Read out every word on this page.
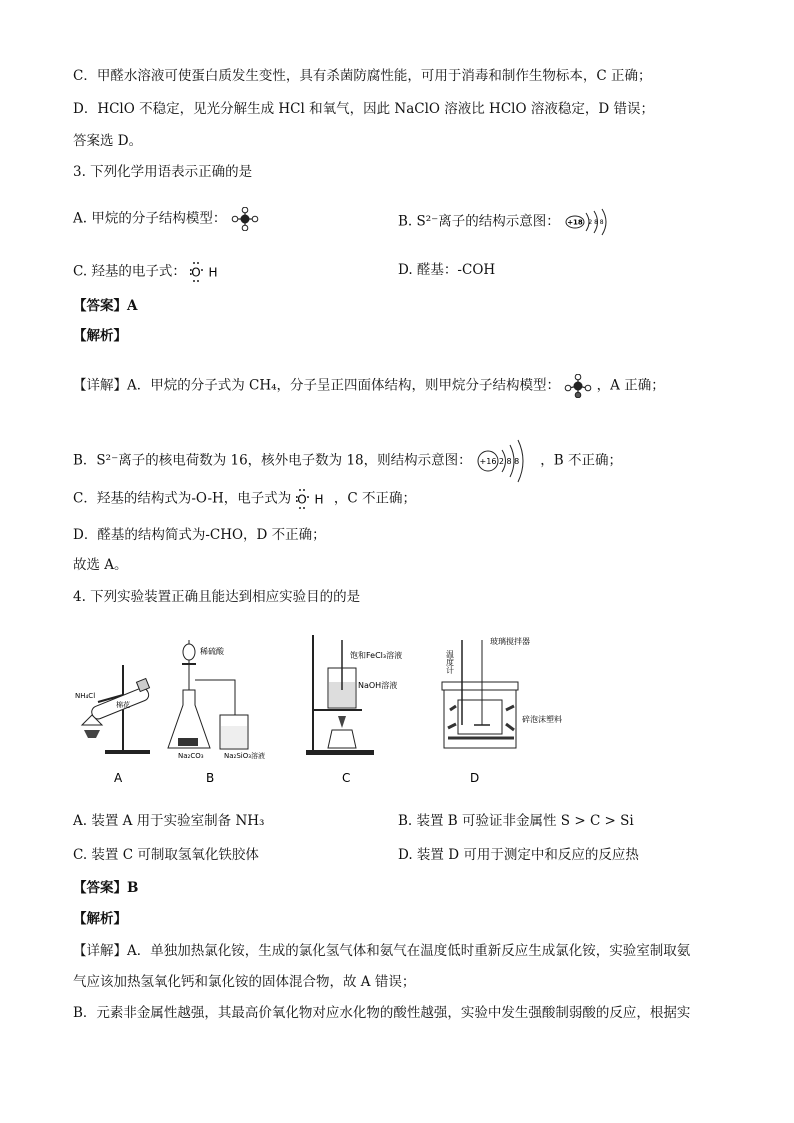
C．甲醛水溶液可使蛋白质发生变性，具有杀菌防腐性能，可用于消毒和制作生物标本，C 正确；
D．HClO 不稳定，见光分解生成 HCl 和氧气，因此 NaClO 溶液比 HClO 溶液稳定，D 错误；
答案选 D。
3. 下列化学用语表示正确的是
A. 甲烷的分子结构模型：	B. S²⁻离子的结构示意图： +18 2 8 8
C. 羟基的电子式： O H	D. 醛基：-COH
【答案】A
【解析】
【详解】A．甲烷的分子式为 CH₄，分子呈正四面体结构，则甲烷分子结构模型：	，A 正确；
B．S²⁻离子的核电荷数为 16，核外电子数为 18，则结构示意图： +16 2 8 8 ，B 不正确；
C．羟基的结构式为-O-H，电子式为 O H ，C 不正确；
D．醛基的结构简式为-CHO，D 不正确；
故选 A。
4. 下列实验装置正确且能达到相应实验目的的是
NH₄Cl
棉花
稀硫酸
Na₂CO₃	Na₂SiO₃溶液
饱和FeCl₃溶液
NaOH溶液
温度计
玻璃搅拌器
碎泡沫塑料
A	B	C	D
A. 装置 A 用于实验室制备 NH₃	B. 装置 B 可验证非金属性 S > C > Si
C. 装置 C 可制取氢氧化铁胶体	D. 装置 D 可用于测定中和反应的反应热
【答案】B
【解析】
【详解】A．单独加热氯化铵，生成的氯化氢气体和氨气在温度低时重新反应生成氯化铵，实验室制取氨
气应该加热氢氧化钙和氯化铵的固体混合物，故 A 错误；
B．元素非金属性越强，其最高价氧化物对应水化物的酸性越强，实验中发生强酸制弱酸的反应，根据实
